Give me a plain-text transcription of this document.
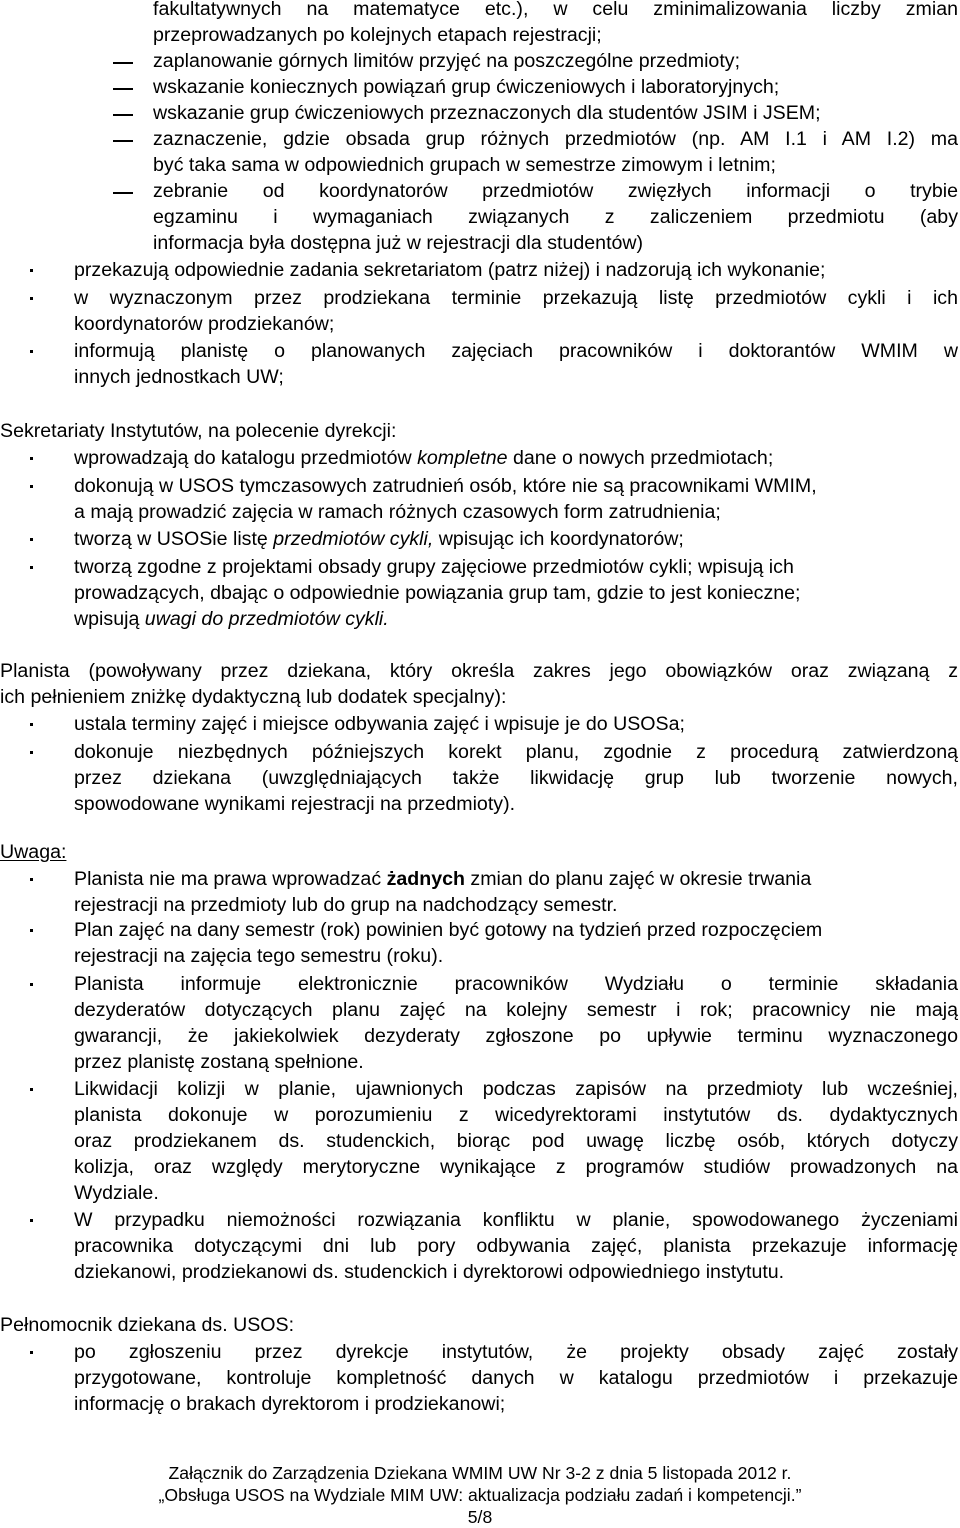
fakultatywnych na matematyce etc.), w celu zminimalizowania liczby zmian
przeprowadzanych po kolejnych etapach rejestracji;
zaplanowanie górnych limitów przyjęć na poszczególne przedmioty;
wskazanie koniecznych powiązań grup ćwiczeniowych i laboratoryjnych;
wskazanie grup ćwiczeniowych przeznaczonych dla studentów JSIM i JSEM;
zaznaczenie, gdzie obsada grup różnych przedmiotów (np. AM I.1 i AM I.2) ma
być taka sama w odpowiednich grupach w semestrze zimowym i letnim;
zebranie od koordynatorów przedmiotów zwięzłych informacji o trybie
egzaminu i wymaganiach związanych z zaliczeniem przedmiotu (aby
informacja była dostępna już w rejestracji dla studentów)
przekazują odpowiednie zadania sekretariatom (patrz niżej) i nadzorują ich wykonanie;
w wyznaczonym przez prodziekana terminie przekazują listę przedmiotów cykli i ich
koordynatorów prodziekanów;
informują planistę o planowanych zajęciach pracowników i doktorantów WMIM w
innych jednostkach UW;
Sekretariaty Instytutów, na polecenie dyrekcji:
wprowadzają do katalogu przedmiotów kompletne dane o nowych przedmiotach;
dokonują w USOS tymczasowych zatrudnień osób, które nie są pracownikami WMIM,
a mają prowadzić zajęcia w ramach różnych czasowych form zatrudnienia;
tworzą w USOSie listę przedmiotów cykli, wpisując ich koordynatorów;
tworzą zgodne z projektami obsady grupy zajęciowe przedmiotów cykli; wpisują ich
prowadzących, dbając o odpowiednie powiązania grup tam, gdzie to jest konieczne;
wpisują uwagi do przedmiotów cykli.
Planista (powoływany przez dziekana, który określa zakres jego obowiązków oraz związaną z
ich pełnieniem zniżkę dydaktyczną lub dodatek specjalny):
ustala terminy zajęć i miejsce odbywania zajęć i wpisuje je do USOSa;
dokonuje niezbędnych późniejszych korekt planu, zgodnie z procedurą zatwierdzoną
przez dziekana (uwzględniających także likwidację grup lub tworzenie nowych,
spowodowane wynikami rejestracji na przedmioty).
Uwaga:
Planista nie ma prawa wprowadzać żadnych zmian do planu zajęć w okresie trwania
rejestracji na przedmioty lub do grup na nadchodzący semestr.
Plan zajęć na dany semestr (rok) powinien być gotowy na tydzień przed rozpoczęciem
rejestracji na zajęcia tego semestru (roku).
Planista informuje elektronicznie pracowników Wydziału o terminie składania
dezyderatów dotyczących planu zajęć na kolejny semestr i rok; pracownicy nie mają
gwarancji, że jakiekolwiek dezyderaty zgłoszone po upływie terminu wyznaczonego
przez planistę zostaną spełnione.
Likwidacji kolizji w planie, ujawnionych podczas zapisów na przedmioty lub wcześniej,
planista dokonuje w porozumieniu z wicedyrektorami instytutów ds. dydaktycznych
oraz prodziekanem ds. studenckich, biorąc pod uwagę liczbę osób, których dotyczy
kolizja, oraz względy merytoryczne wynikające z programów studiów prowadzonych na
Wydziale.
W przypadku niemożności rozwiązania konfliktu w planie, spowodowanego życzeniami
pracownika dotyczącymi dni lub pory odbywania zajęć, planista przekazuje informację
dziekanowi, prodziekanowi ds. studenckich i dyrektorowi odpowiedniego instytutu.
Pełnomocnik dziekana ds. USOS:
po zgłoszeniu przez dyrekcje instytutów, że projekty obsady zajęć zostały
przygotowane, kontroluje kompletność danych w katalogu przedmiotów i przekazuje
informację o brakach dyrektorom i prodziekanowi;
Załącznik do Zarządzenia Dziekana WMIM UW Nr 3-2 z dnia 5 listopada 2012 r.
„Obsługa USOS na Wydziale MIM UW: aktualizacja podziału zadań i kompetencji.”
5/8
